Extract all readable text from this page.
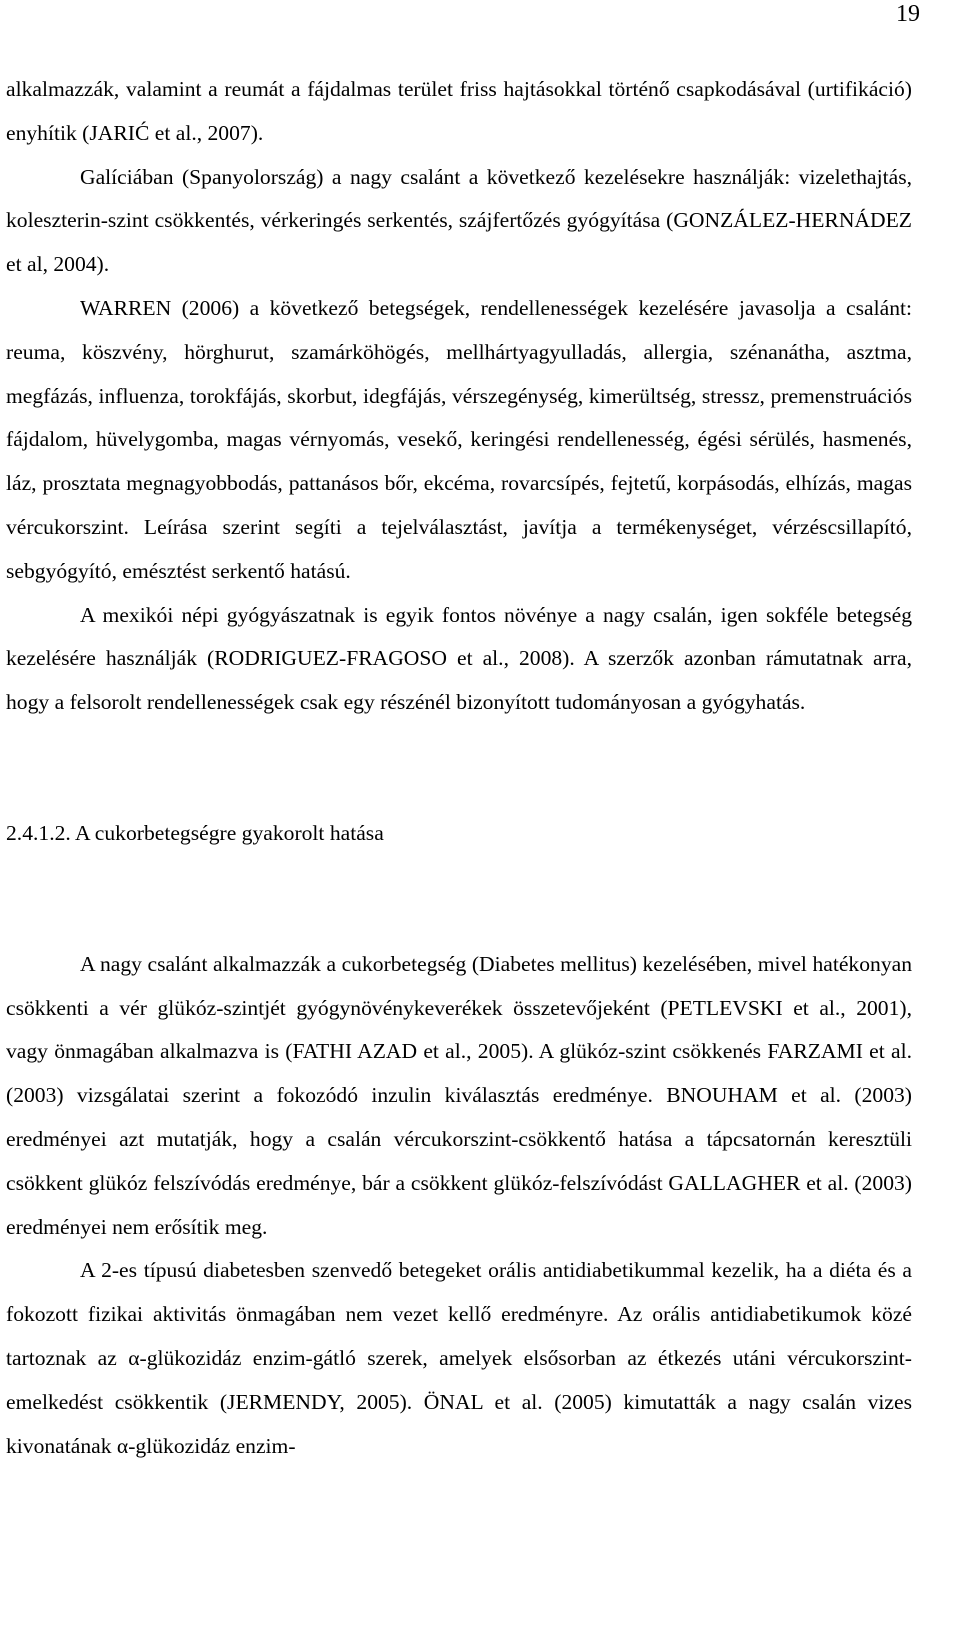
19

alkalmazzák, valamint a reumát a fájdalmas terület friss hajtásokkal történő csapkodásával (urtifikáció) enyhítik (JARIĆ et al., 2007).

Galíciában (Spanyolország) a nagy csalánt a következő kezelésekre használják: vizelethajtás, koleszterin-szint csökkentés, vérkeringés serkentés, szájfertőzés gyógyítása (GONZÁLEZ-HERNÁDEZ et al, 2004).

WARREN (2006) a következő betegségek, rendellenességek kezelésére javasolja a csalánt: reuma, köszvény, hörghurut, szamárköhögés, mellhártyagyulladás, allergia, szénanátha, asztma, megfázás, influenza, torokfájás, skorbut, idegfájás, vérszegénység, kimerültség, stressz, premenstruációs fájdalom, hüvelygomba, magas vérnyomás, vesekő, keringési rendellenesség, égési sérülés, hasmenés, láz, prosztata megnagyobbodás, pattanásos bőr, ekcéma, rovarcsípés, fejtetű, korpásodás, elhízás, magas vércukorszint. Leírása szerint segíti a tejelválasztást, javítja a termékenységet, vérzéscsillapító, sebgyógyító, emésztést serkentő hatású.

A mexikói népi gyógyászatnak is egyik fontos növénye a nagy csalán, igen sokféle betegség kezelésére használják (RODRIGUEZ-FRAGOSO et al., 2008). A szerzők azonban rámutatnak arra, hogy a felsorolt rendellenességek csak egy részénél bizonyított tudományosan a gyógyhatás.

2.4.1.2. A cukorbetegségre gyakorolt hatása

A nagy csalánt alkalmazzák a cukorbetegség (Diabetes mellitus) kezelésében, mivel hatékonyan csökkenti a vér glükóz-szintjét gyógynövénykeverékek összetevőjeként (PETLEVSKI et al., 2001), vagy önmagában alkalmazva is (FATHI AZAD et al., 2005). A glükóz-szint csökkenés FARZAMI et al. (2003) vizsgálatai szerint a fokozódó inzulin kiválasztás eredménye. BNOUHAM et al. (2003) eredményei azt mutatják, hogy a csalán vércukorszint-csökkentő hatása a tápcsatornán keresztüli csökkent glükóz felszívódás eredménye, bár a csökkent glükóz-felszívódást GALLAGHER et al. (2003) eredményei nem erősítik meg.

A 2-es típusú diabetesben szenvedő betegeket orális antidiabetikummal kezelik, ha a diéta és a fokozott fizikai aktivitás önmagában nem vezet kellő eredményre. Az orális antidiabetikumok közé tartoznak az α-glükozidáz enzim-gátló szerek, amelyek elsősorban az étkezés utáni vércukorszint-emelkedést csökkentik (JERMENDY, 2005). ÖNAL et al. (2005) kimutatták a nagy csalán vizes kivonatának α-glükozidáz enzim-
